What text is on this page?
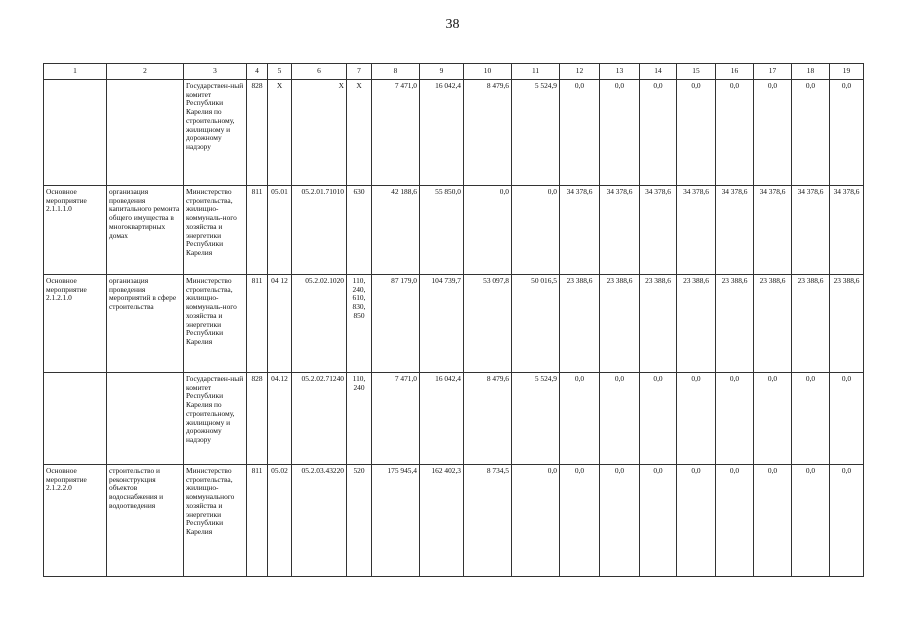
38
1	2	3	4	5	6	7	8	9	10	11	12	13	14	15	16	17	18	19
		Государствен-ный комитет Республики Карелия по строительному, жилищному и дорожному надзору	828	Х	Х	Х	7 471,0	16 042,4	8 479,6	5 524,9	0,0	0,0	0,0	0,0	0,0	0,0	0,0	0,0
Основное мероприятие 2.1.1.1.0	организация проведения капитального ремонта общего имущества в многоквартирных домах	Министерство строительства, жилищно-коммуналь-ного хозяйства и энергетики Республики Карелия	811	05.01	05.2.01.71010	630	42 188,6	55 850,0	0,0	0,0	34 378,6	34 378,6	34 378,6	34 378,6	34 378,6	34 378,6	34 378,6	34 378,6
Основное мероприятие 2.1.2.1.0	организация проведения мероприятий в сфере строительства	Министерство строительства, жилищно-коммуналь-ного хозяйства и энергетики Республики Карелия	811	04 12	05.2.02.1020	110, 240, 610, 830, 850	87 179,0	104 739,7	53 097,8	50 016,5	23 388,6	23 388,6	23 388,6	23 388,6	23 388,6	23 388,6	23 388,6	23 388,6
		Государствен-ный комитет Республики Карелия по строительному, жилищному и дорожному надзору	828	04.12	05.2.02.71240	110, 240	7 471,0	16 042,4	8 479,6	5 524,9	0,0	0,0	0,0	0,0	0,0	0,0	0,0	0,0
Основное мероприятие 2.1.2.2.0	строительство и реконструкция объектов водоснабжения и водоотведения	Министерство строительства, жилищно-коммунального хозяйства и энергетики Республики Карелия	811	05.02	05.2.03.43220	520	175 945,4	162 402,3	8 734,5	0,0	0,0	0,0	0,0	0,0	0,0	0,0	0,0	0,0
